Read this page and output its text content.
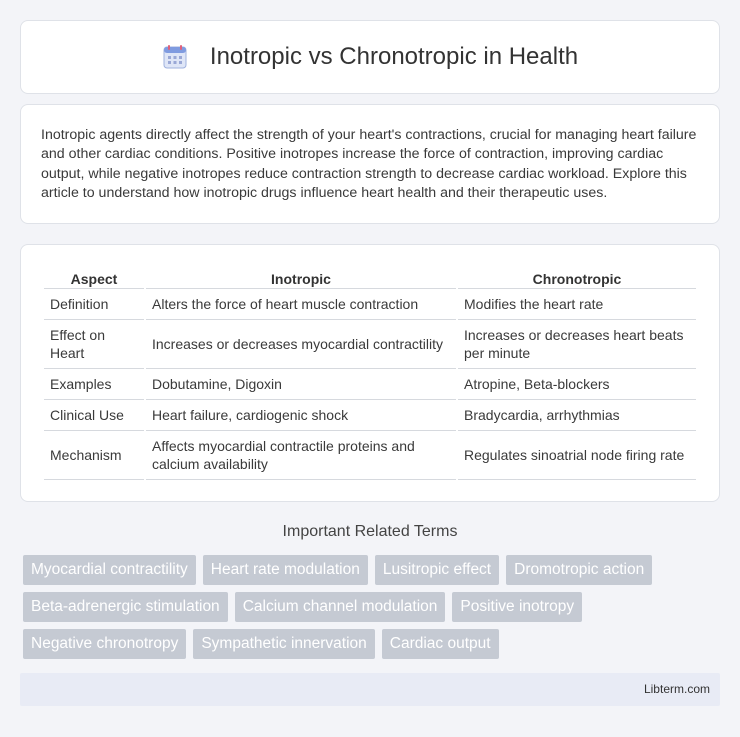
Inotropic vs Chronotropic in Health

Inotropic agents directly affect the strength of your heart's contractions, crucial for managing heart failure and other cardiac conditions. Positive inotropes increase the force of contraction, improving cardiac output, while negative inotropes reduce contraction strength to decrease cardiac workload. Explore this article to understand how inotropic drugs influence heart health and their therapeutic uses.

Aspect	Inotropic	Chronotropic
Definition	Alters the force of heart muscle contraction	Modifies the heart rate
Effect on Heart	Increases or decreases myocardial contractility	Increases or decreases heart beats per minute
Examples	Dobutamine, Digoxin	Atropine, Beta-blockers
Clinical Use	Heart failure, cardiogenic shock	Bradycardia, arrhythmias
Mechanism	Affects myocardial contractile proteins and calcium availability	Regulates sinoatrial node firing rate
Important Related Terms
Myocardial contractility	Heart rate modulation	Lusitropic effect	Dromotropic action
Beta-adrenergic stimulation	Calcium channel modulation	Positive inotropy
Negative chronotropy	Sympathetic innervation	Cardiac output
Libterm.com
